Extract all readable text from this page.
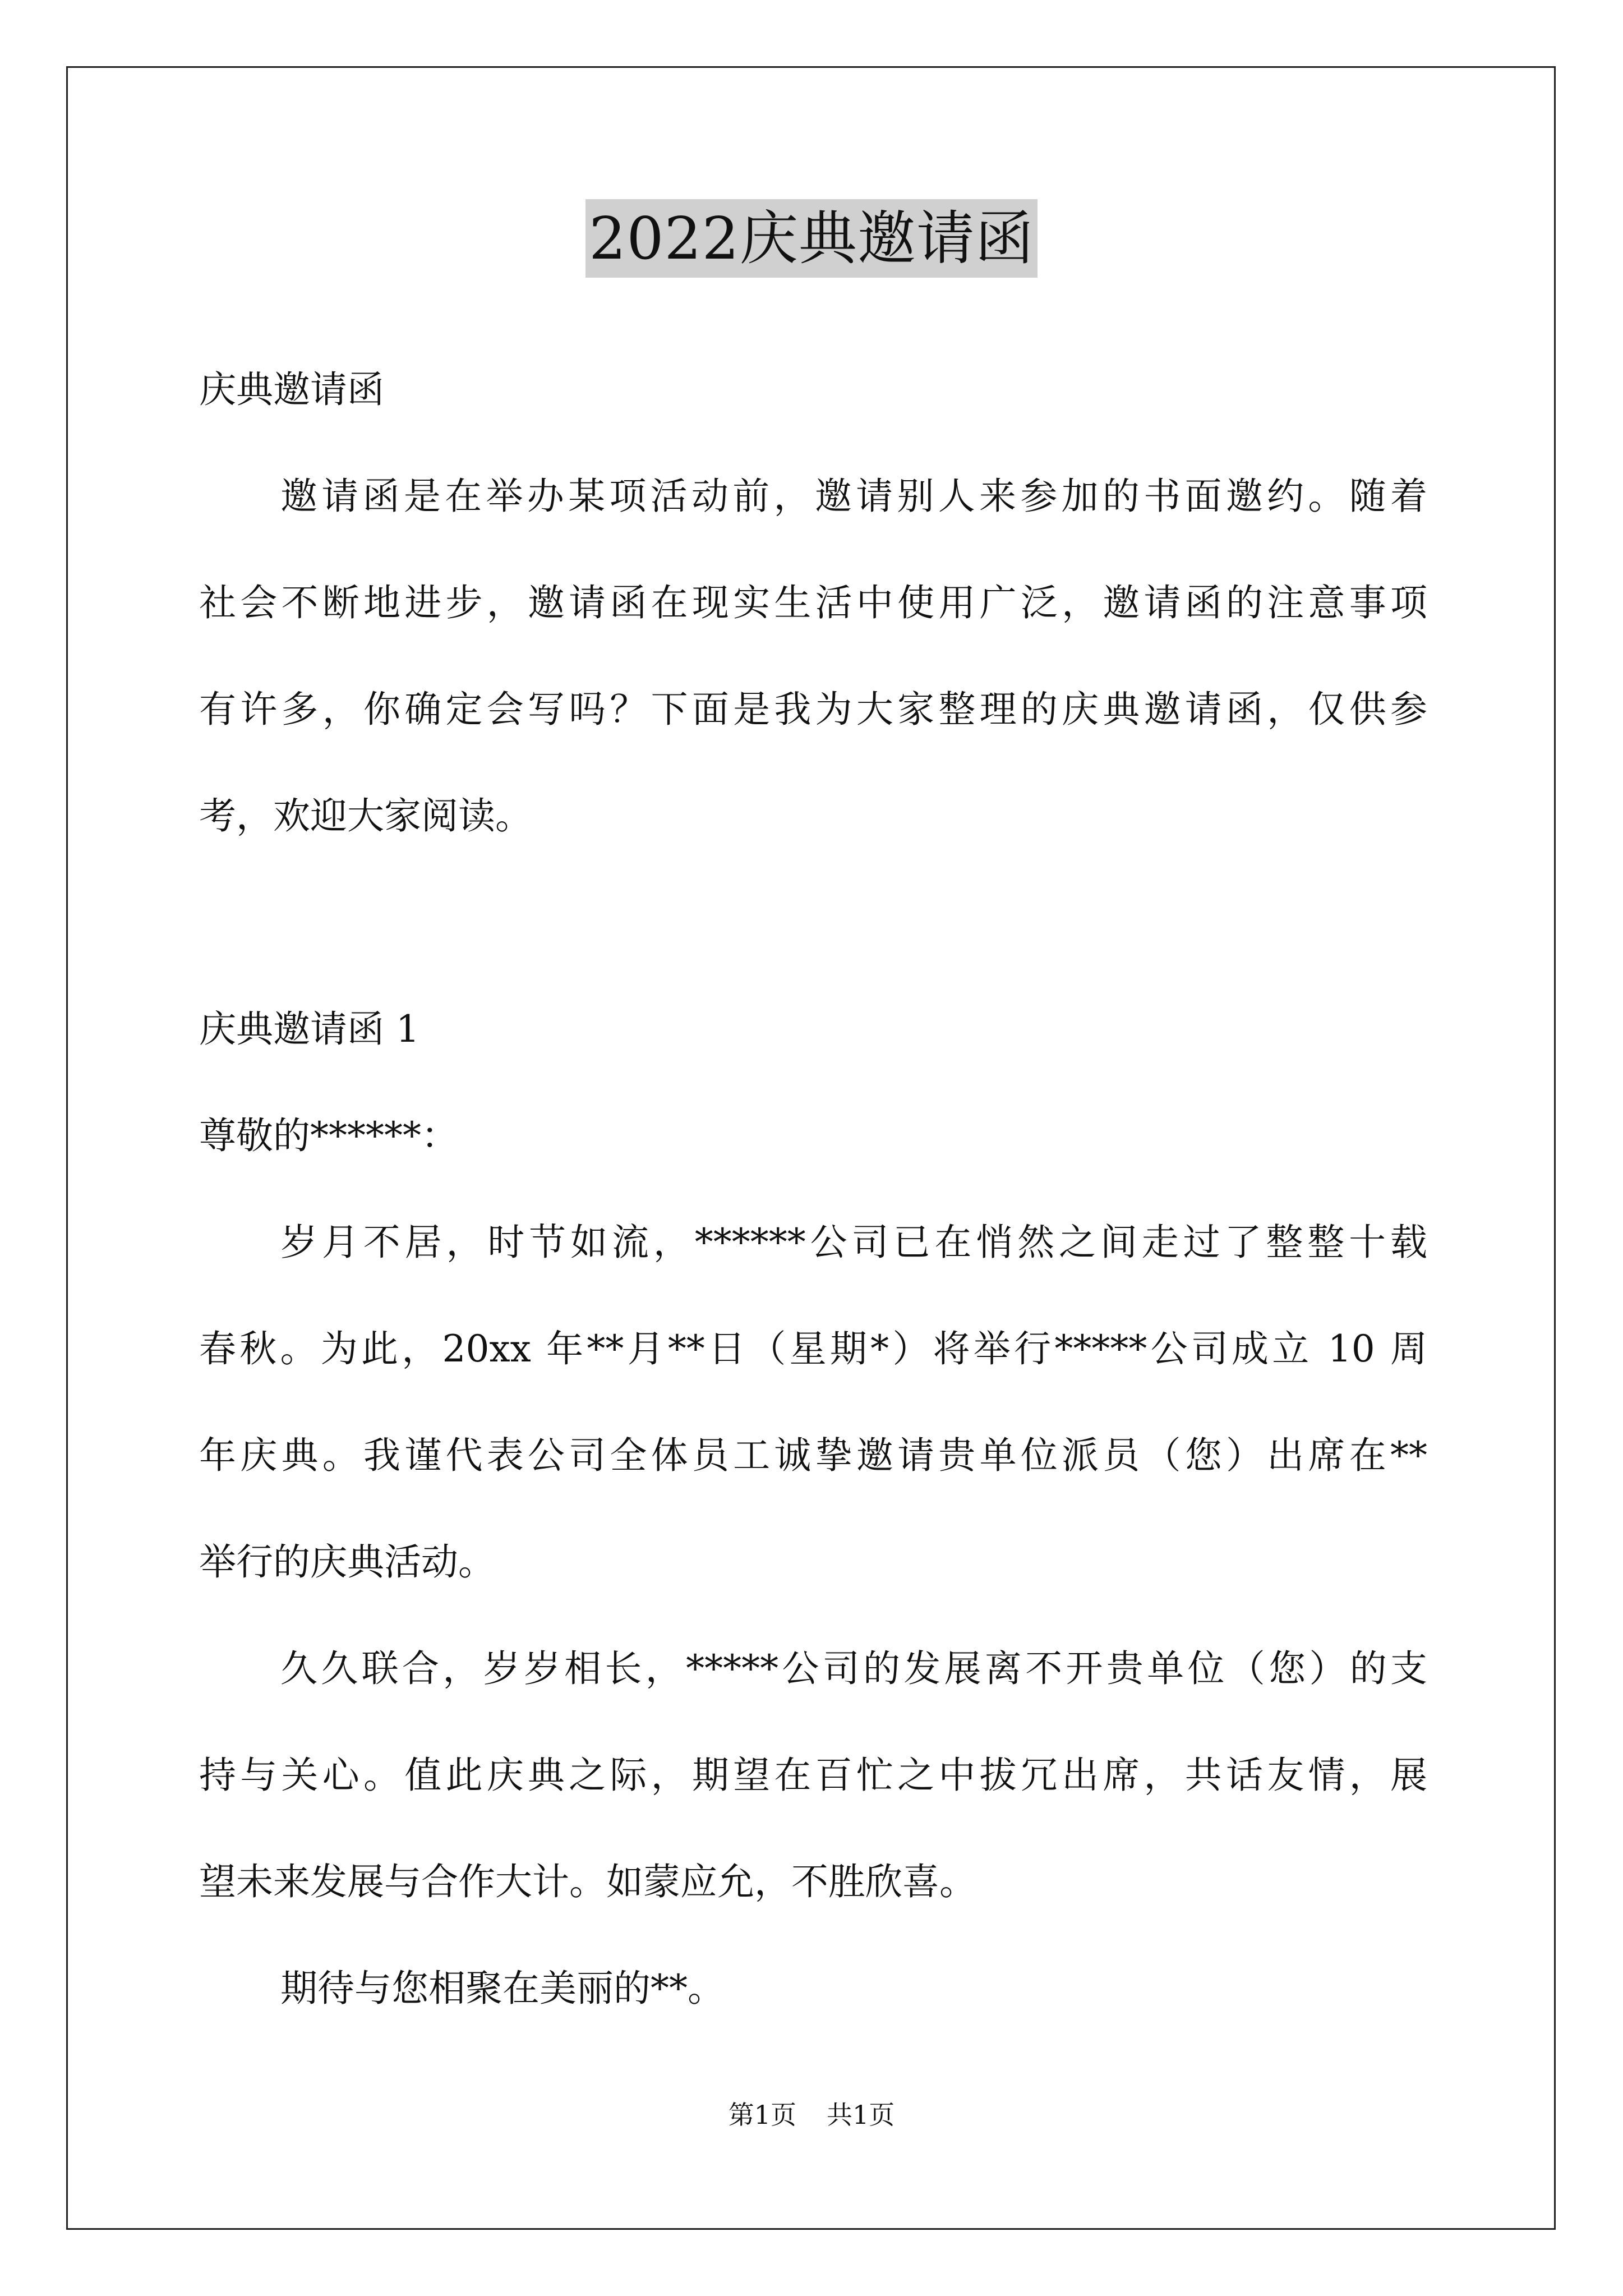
2022庆典邀请函
庆典邀请函
邀请函是在举办某项活动前，邀请别人来参加的书面邀约。随着
社会不断地进步，邀请函在现实生活中使用广泛，邀请函的注意事项
有许多，你确定会写吗？下面是我为大家整理的庆典邀请函，仅供参
考，欢迎大家阅读。
庆典邀请函 1
尊敬的******：
岁月不居，时节如流，******公司已在悄然之间走过了整整十载
春秋。为此，20xx 年**月**日（星期*）将举行*****公司成立 10 周
年庆典。我谨代表公司全体员工诚挚邀请贵单位派员（您）出席在**
举行的庆典活动。
久久联合，岁岁相长，*****公司的发展离不开贵单位（您）的支
持与关心。值此庆典之际，期望在百忙之中拔冗出席，共话友情，展
望未来发展与合作大计。如蒙应允，不胜欣喜。
期待与您相聚在美丽的**。
第1页 共1页
